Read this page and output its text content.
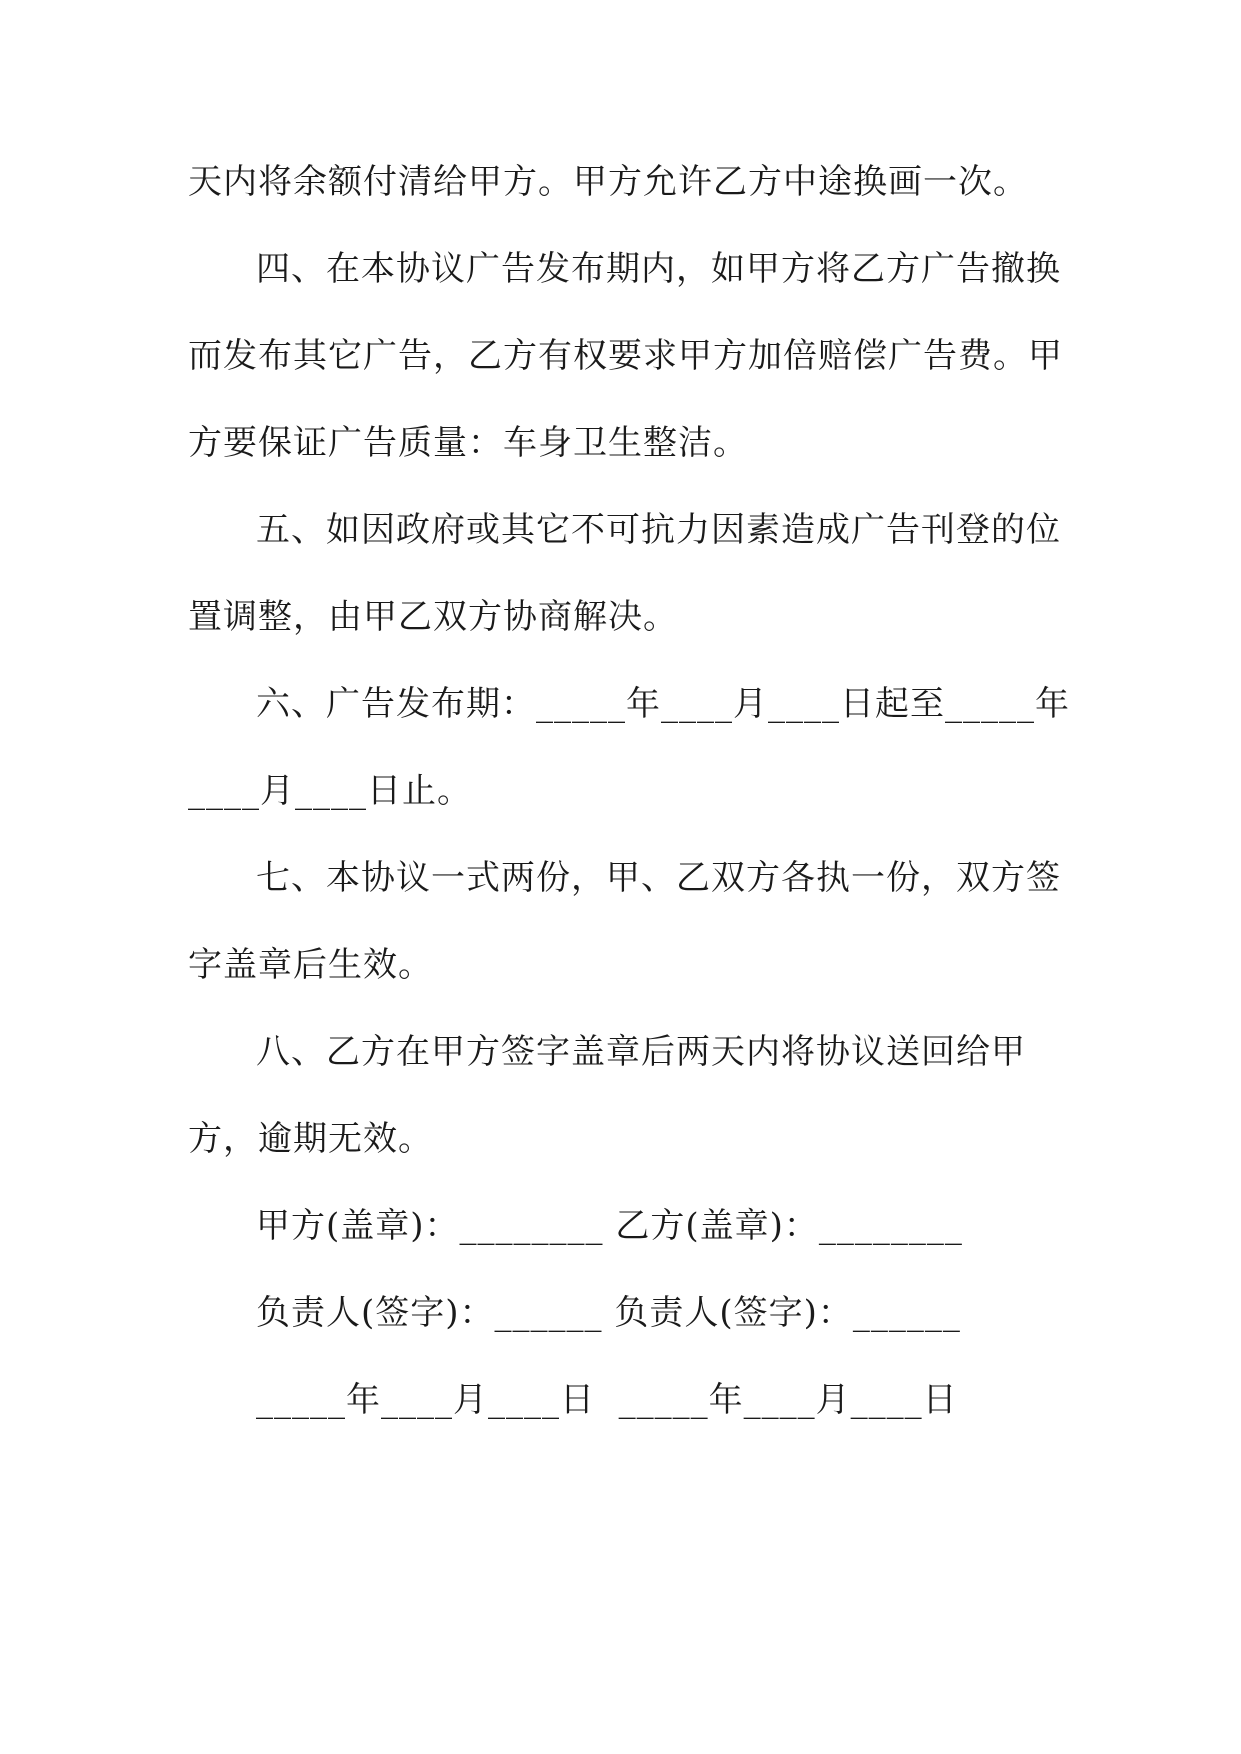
天内将余额付清给甲方。甲方允许乙方中途换画一次。
四、在本协议广告发布期内，如甲方将乙方广告撤换
而发布其它广告，乙方有权要求甲方加倍赔偿广告费。甲
方要保证广告质量：车身卫生整洁。
五、如因政府或其它不可抗力因素造成广告刊登的位
置调整，由甲乙双方协商解决。
六、广告发布期：_____年____月____日起至_____年
____月____日止。
七、本协议一式两份，甲、乙双方各执一份，双方签
字盖章后生效。
八、乙方在甲方签字盖章后两天内将协议送回给甲
方，逾期无效。
甲方(盖章)：________ 乙方(盖章)：________
负责人(签字)：______ 负责人(签字)：______
_____年____月____日  _____年____月____日
